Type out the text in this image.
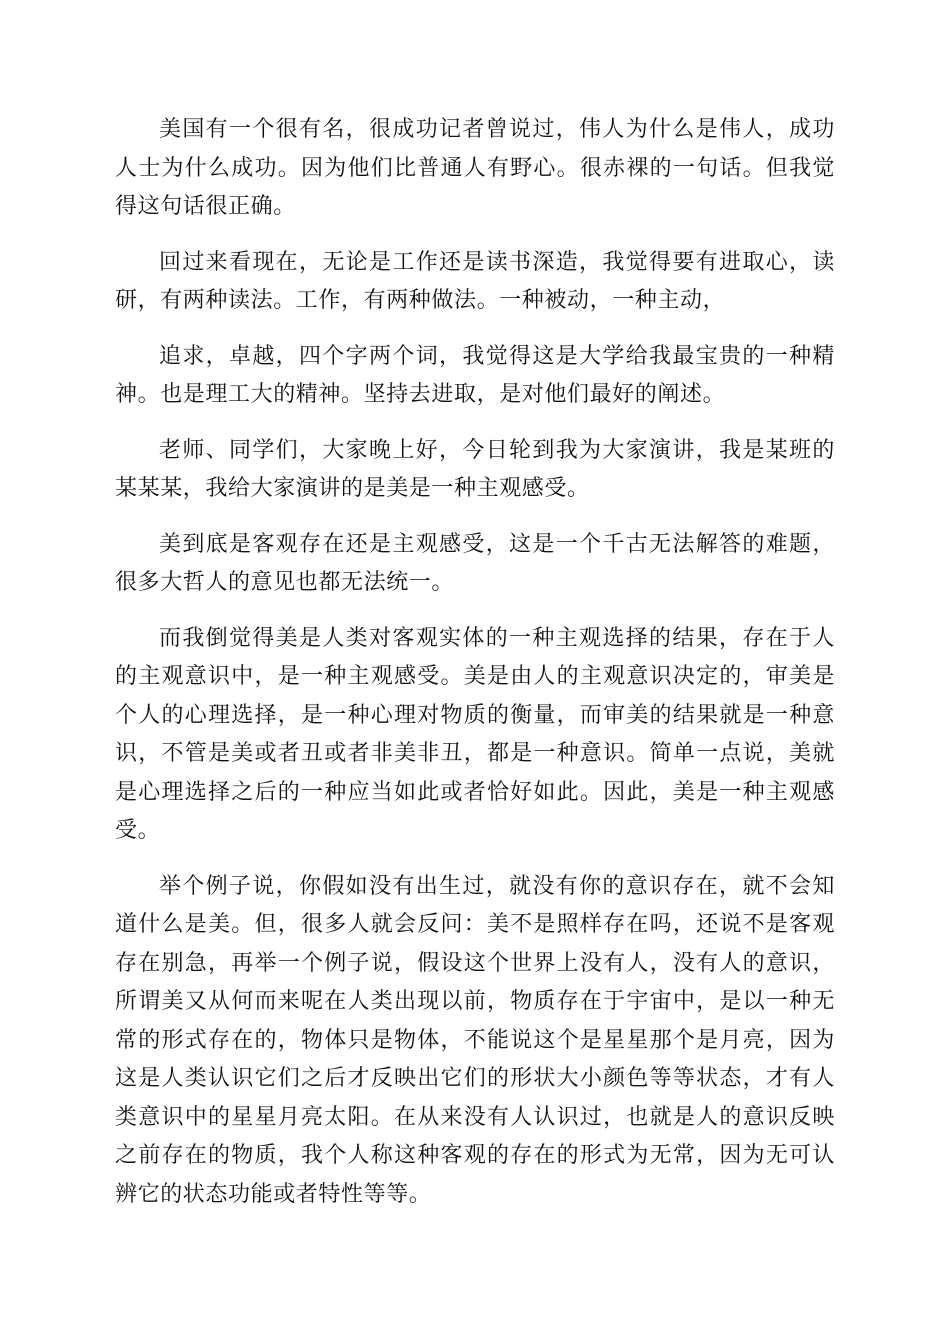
美国有一个很有名，很成功记者曾说过，伟人为什么是伟人，成功人士为什么成功。因为他们比普通人有野心。很赤裸的一句话。但我觉得这句话很正确。

回过来看现在，无论是工作还是读书深造，我觉得要有进取心，读研，有两种读法。工作，有两种做法。一种被动，一种主动，

追求，卓越，四个字两个词，我觉得这是大学给我最宝贵的一种精神。也是理工大的精神。坚持去进取，是对他们最好的阐述。

老师、同学们，大家晚上好，今日轮到我为大家演讲，我是某班的某某某，我给大家演讲的是美是一种主观感受。

美到底是客观存在还是主观感受，这是一个千古无法解答的难题，很多大哲人的意见也都无法统一。

而我倒觉得美是人类对客观实体的一种主观选择的结果，存在于人的主观意识中，是一种主观感受。美是由人的主观意识决定的，审美是个人的心理选择，是一种心理对物质的衡量，而审美的结果就是一种意识，不管是美或者丑或者非美非丑，都是一种意识。简单一点说，美就是心理选择之后的一种应当如此或者恰好如此。因此，美是一种主观感受。

举个例子说，你假如没有出生过，就没有你的意识存在，就不会知道什么是美。但，很多人就会反问：美不是照样存在吗，还说不是客观存在别急，再举一个例子说，假设这个世界上没有人，没有人的意识，所谓美又从何而来呢在人类出现以前，物质存在于宇宙中，是以一种无常的形式存在的，物体只是物体，不能说这个是星星那个是月亮，因为这是人类认识它们之后才反映出它们的形状大小颜色等等状态，才有人类意识中的星星月亮太阳。在从来没有人认识过，也就是人的意识反映之前存在的物质，我个人称这种客观的存在的形式为无常，因为无可认辨它的状态功能或者特性等等。
